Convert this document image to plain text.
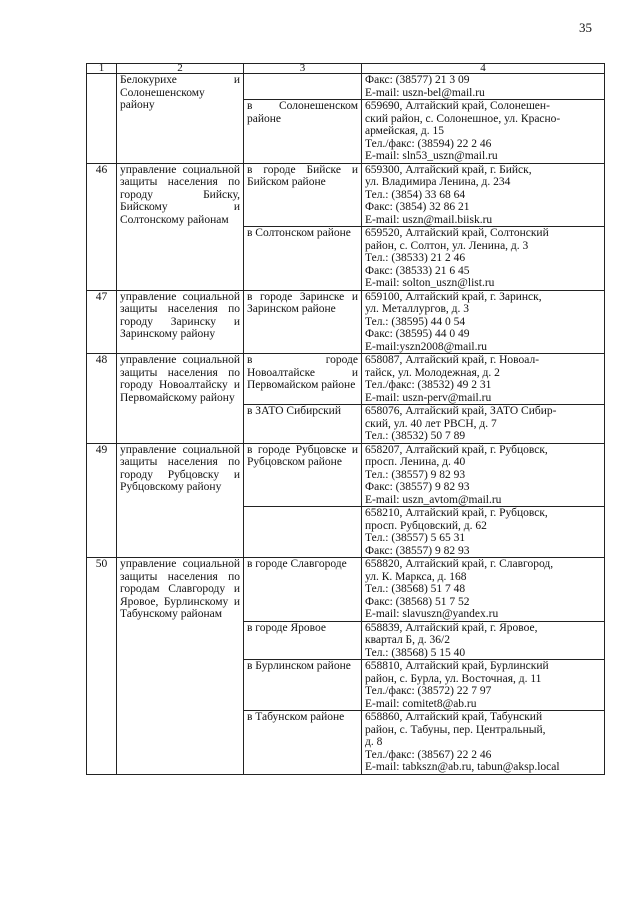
35
1	2	3	4
	Белокурихе и Солонешенскому району		Факс: (38577) 21 3 09
E-mail: uszn-bel@mail.ru

		в Солонешенском районе	659690, Алтайский край, Солонешен-
ский район, с. Солонешное, ул. Красно-
армейская, д. 15
Тел./факс: (38594) 22 2 46
E-mail: sln53_uszn@mail.ru

46	управление социальной защиты населения по городу Бийску, Бийскому и Солтонскому районам	в городе Бийске и Бийском районе	659300, Алтайский край, г. Бийск,
ул. Владимира Ленина, д. 234
Тел.: (3854) 33 68 64
Факс: (3854) 32 86 21
E-mail: uszn@mail.biisk.ru

		в Солтонском районе	659520, Алтайский край, Солтонский
район, с. Солтон, ул. Ленина, д. 3
Тел.: (38533) 21 2 46
Факс: (38533) 21 6 45
E-mail: solton_uszn@list.ru

47	управление социальной защиты населения по городу Заринску и Заринскому району	в городе Заринске и Заринском районе	659100, Алтайский край, г. Заринск,
ул. Металлургов, д. 3
Тел.: (38595) 44 0 54
Факс: (38595) 44 0 49
E-mail:yszn2008@mail.ru

48	управление социальной защиты населения по городу Новоалтайску и Первомайскому району	в городе Новоалтайске и Первомайском районе	658087, Алтайский край, г. Новоал-
тайск, ул. Молодежная, д. 2
Тел./факс: (38532) 49 2 31
E-mail: uszn-perv@mail.ru

		в ЗАТО Сибирский	658076, Алтайский край, ЗАТО Сибир-
ский, ул. 40 лет РВСН, д. 7
Тел.: (38532) 50 7 89

49	управление социальной защиты населения по городу Рубцовску и Рубцовскому району	в городе Рубцовске и Рубцовском районе	658207, Алтайский край, г. Рубцовск,
просп. Ленина, д. 40
Тел.: (38557) 9 82 93
Факс: (38557) 9 82 93
E-mail: uszn_avtom@mail.ru

			658210, Алтайский край, г. Рубцовск,
просп. Рубцовский, д. 62
Тел.: (38557) 5 65 31
Факс: (38557) 9 82 93

50	управление социальной защиты населения по городам Славгороду и Яровое, Бурлинскому и Табунскому районам	в городе Славгороде	658820, Алтайский край, г. Славгород,
ул. К. Маркса, д. 168
Тел.: (38568) 51 7 48
Факс: (38568) 51 7 52
E-mail: slavuszn@yandex.ru

		в городе Яровое	658839, Алтайский край, г. Яровое,
квартал Б, д. 36/2
Тел.: (38568) 5 15 40

		в Бурлинском районе	658810, Алтайский край, Бурлинский
район, с. Бурла, ул. Восточная, д. 11
Тел./факс: (38572) 22 7 97
E-mail: comitet8@ab.ru

		в Табунском районе	658860, Алтайский край, Табунский
район, с. Табуны, пер. Центральный,
д. 8
Тел./факс: (38567) 22 2 46
E-mail: tabkszn@ab.ru, tabun@aksp.local
